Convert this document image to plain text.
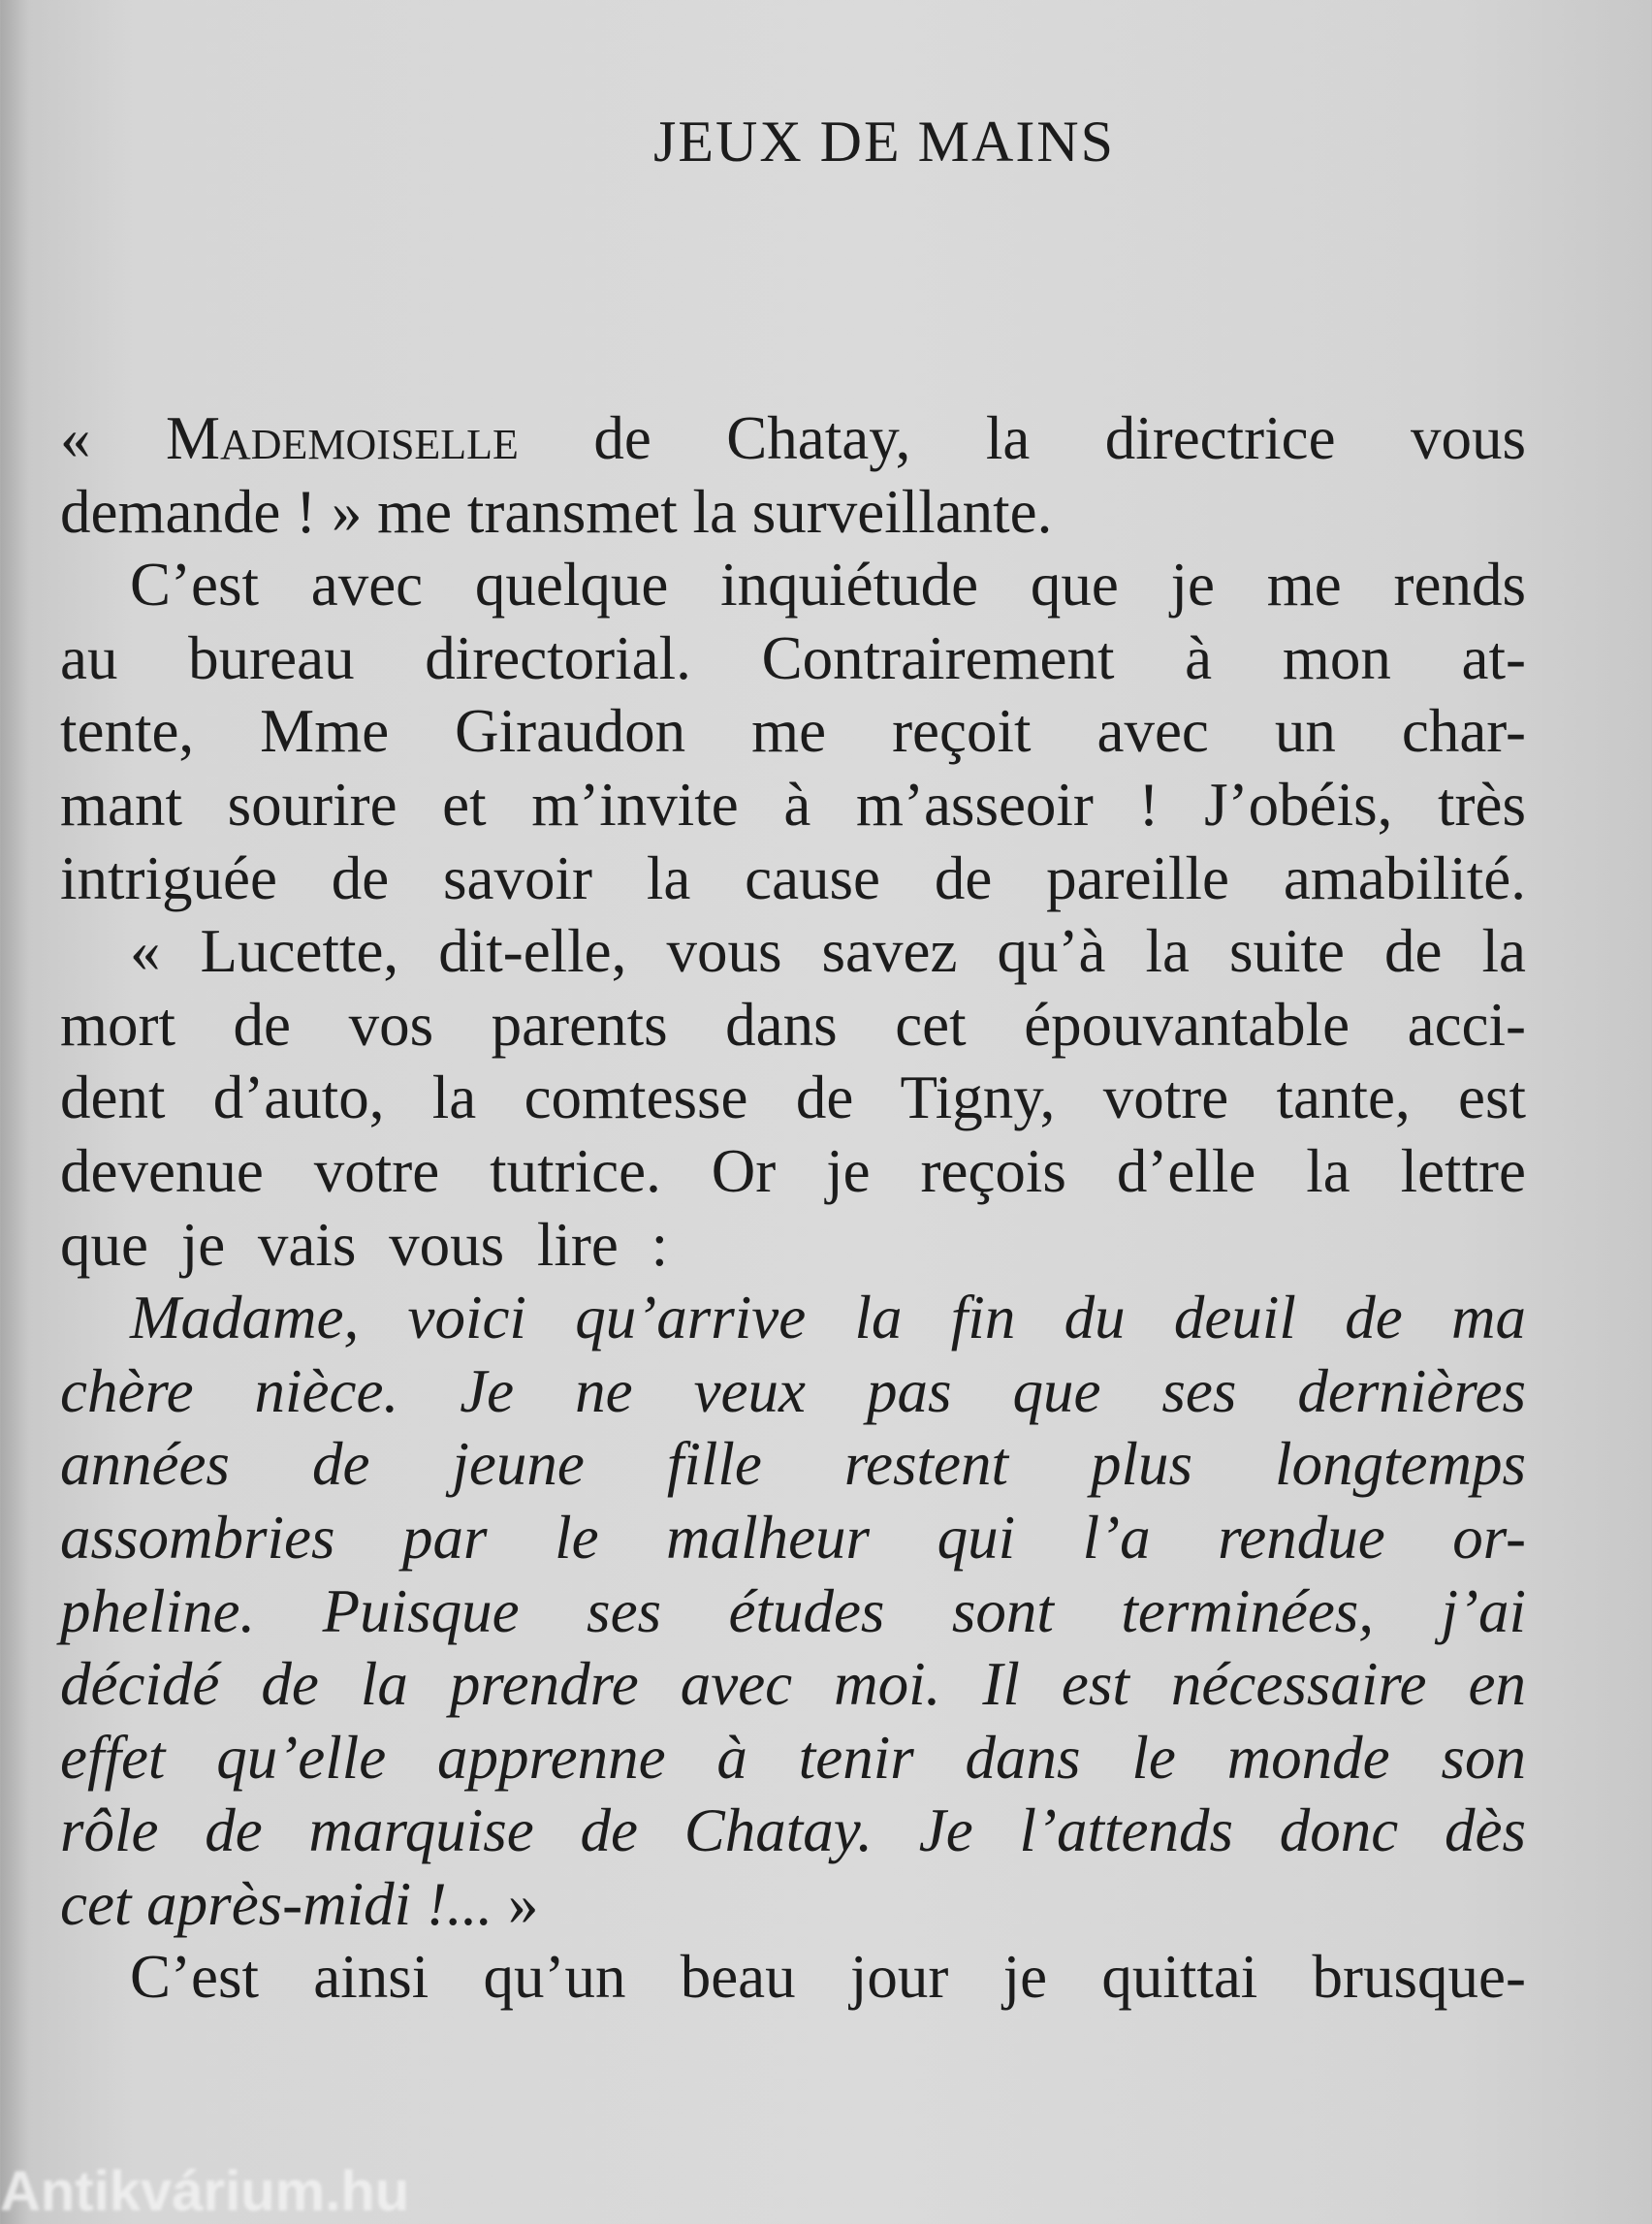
JEUX DE MAINS
« Mademoiselle de Chatay, la directrice vous
demande ! » me transmet la surveillante.
C’est avec quelque inquiétude que je me rends
au bureau directorial. Contrairement à mon at-
tente, Mme Giraudon me reçoit avec un char-
mant sourire et m’invite à m’asseoir ! J’obéis, très
intriguée de savoir la cause de pareille amabilité.
« Lucette, dit-elle, vous savez qu’à la suite de la
mort de vos parents dans cet épouvantable acci-
dent d’auto, la comtesse de Tigny, votre tante, est
devenue votre tutrice. Or je reçois d’elle la lettre
que je vais vous lire :
Madame, voici qu’arrive la fin du deuil de ma
chère nièce. Je ne veux pas que ses dernières
années de jeune fille restent plus longtemps
assombries par le malheur qui l’a rendue or-
pheline. Puisque ses études sont terminées, j’ai
décidé de la prendre avec moi. Il est nécessaire en
effet qu’elle apprenne à tenir dans le monde son
rôle de marquise de Chatay. Je l’attends donc dès
cet après-midi !... »
C’est ainsi qu’un beau jour je quittai brusque-
Antikvárium.hu
